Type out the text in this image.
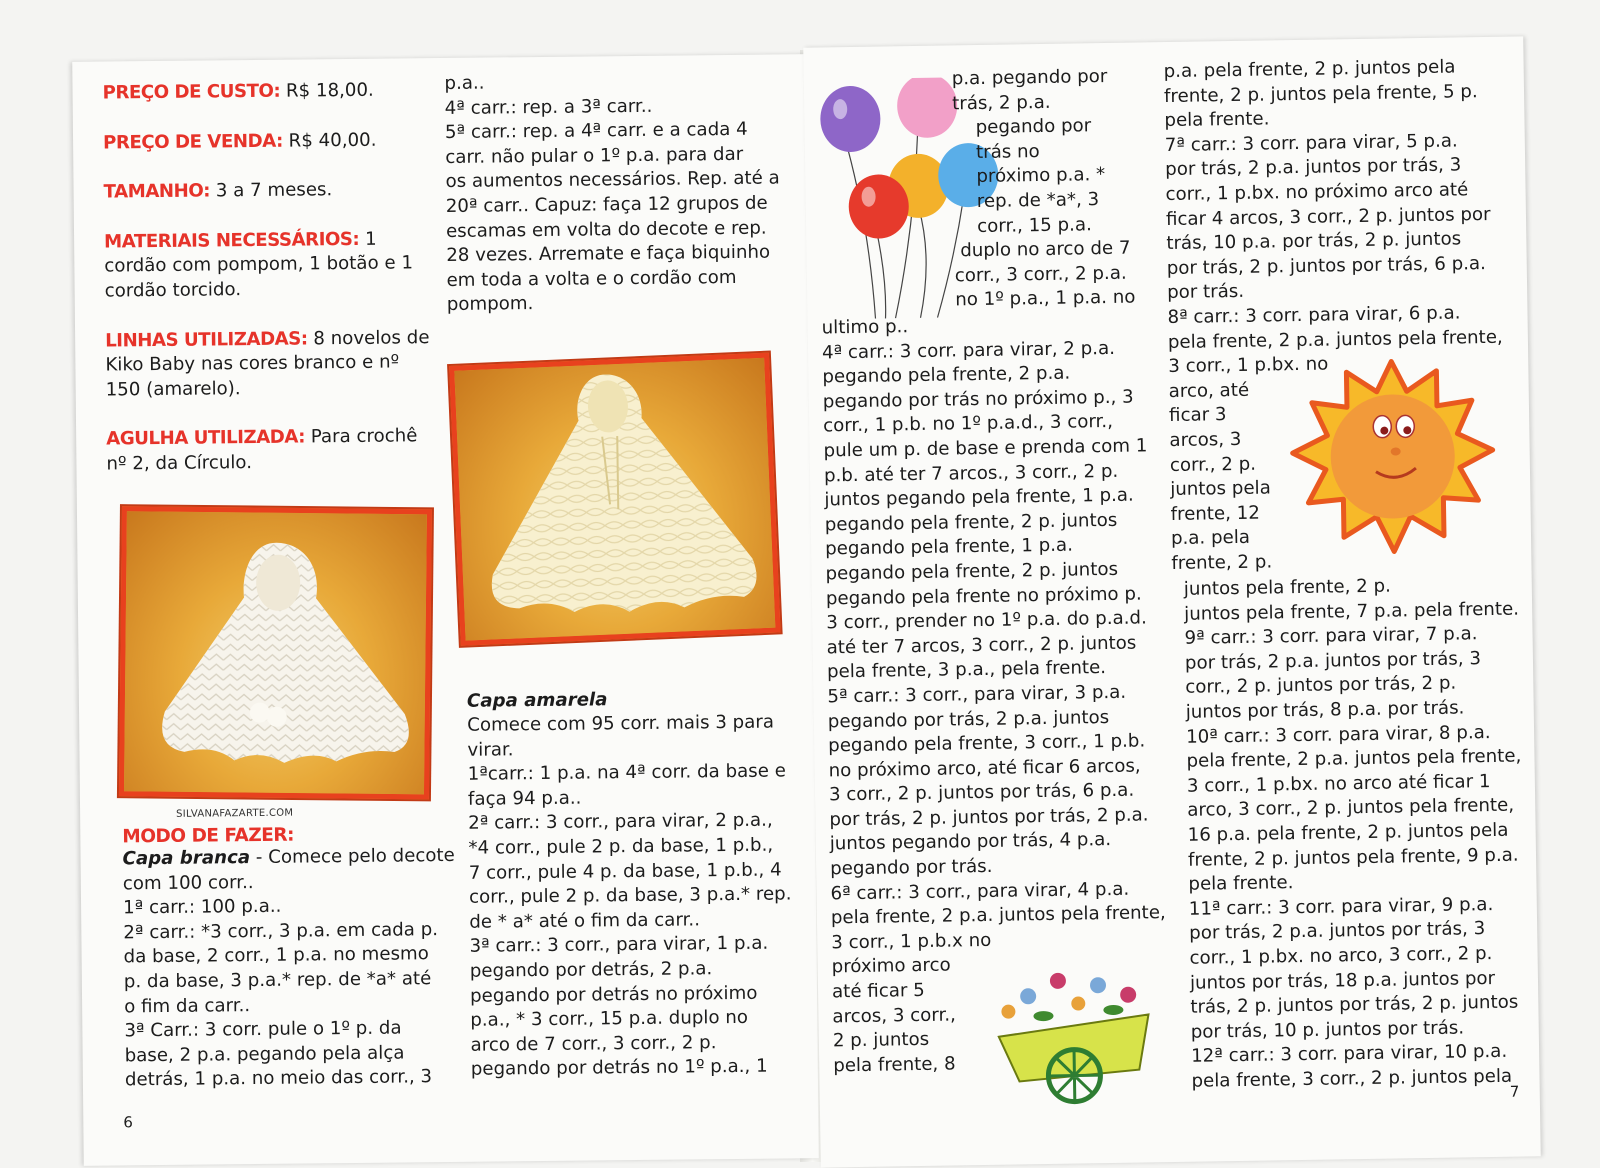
PREÇO DE CUSTO: R$ 18,00.
PREÇO DE VENDA: R$ 40,00.
TAMANHO: 3 a 7 meses.
MATERIAIS NECESSÁRIOS: 1
cordão com pompom, 1 botão e 1
cordão torcido.
LINHAS UTILIZADAS: 8 novelos de
Kiko Baby nas cores branco e nº
150 (amarelo).
AGULHA UTILIZADA: Para crochê
nº 2, da Círculo.
SILVANAFAZARTE.COM
MODO DE FAZER:
Capa branca - Comece pelo decote
com 100 corr..
1ª carr.: 100 p.a..
2ª carr.: *3 corr., 3 p.a. em cada p.
da base, 2 corr., 1 p.a. no mesmo
p. da base, 3 p.a.* rep. de *a* até
o fim da carr..
3ª Carr.: 3 corr. pule o 1º p. da
base, 2 p.a. pegando pela alça
detrás, 1 p.a. no meio das corr., 3
p.a..
4ª carr.: rep. a 3ª carr..
5ª carr.: rep. a 4ª carr. e a cada 4
carr. não pular o 1º p.a. para dar
os aumentos necessários. Rep. até a
20ª carr.. Capuz: faça 12 grupos de
escamas em volta do decote e rep.
28 vezes. Arremate e faça biquinho
em toda a volta e o cordão com
pompom.
Capa amarela
Comece com 95 corr. mais 3 para
virar.
1ªcarr.: 1 p.a. na 4ª corr. da base e
faça 94 p.a..
2ª carr.: 3 corr., para virar, 2 p.a.,
*4 corr., pule 2 p. da base, 1 p.b.,
7 corr., pule 4 p. da base, 1 p.b., 4
corr., pule 2 p. da base, 3 p.a.* rep.
de * a* até o fim da carr..
3ª carr.: 3 corr., para virar, 1 p.a.
pegando por detrás, 2 p.a.
pegando por detrás no próximo
p.a., * 3 corr., 15 p.a. duplo no
arco de 7 corr., 3 corr., 2 p.
pegando por detrás no 1º p.a., 1
6
p.a. pegando por
trás, 2 p.a.
pegando por
trás no
próximo p.a. *
rep. de *a*, 3
corr., 15 p.a.
duplo no arco de 7
corr., 3 corr., 2 p.a.
no 1º p.a., 1 p.a. no
ultimo p..
4ª carr.: 3 corr. para virar, 2 p.a.
pegando pela frente, 2 p.a.
pegando por trás no próximo p., 3
corr., 1 p.b. no 1º p.a.d., 3 corr.,
pule um p. de base e prenda com 1
p.b. até ter 7 arcos., 3 corr., 2 p.
juntos pegando pela frente, 1 p.a.
pegando pela frente, 2 p. juntos
pegando pela frente, 1 p.a.
pegando pela frente, 2 p. juntos
pegando pela frente no próximo p.
3 corr., prender no 1º p.a. do p.a.d.
até ter 7 arcos, 3 corr., 2 p. juntos
pela frente, 3 p.a., pela frente.
5ª carr.: 3 corr., para virar, 3 p.a.
pegando por trás, 2 p.a. juntos
pegando pela frente, 3 corr., 1 p.b.
no próximo arco, até ficar 6 arcos,
3 corr., 2 p. juntos por trás, 6 p.a.
por trás, 2 p. juntos por trás, 2 p.a.
juntos pegando por trás, 4 p.a.
pegando por trás.
6ª carr.: 3 corr., para virar, 4 p.a.
pela frente, 2 p.a. juntos pela frente,
3 corr., 1 p.b.x no
próximo arco
até ficar 5
arcos, 3 corr.,
2 p. juntos
pela frente, 8
p.a. pela frente, 2 p. juntos pela
frente, 2 p. juntos pela frente, 5 p.
pela frente.
7ª carr.: 3 corr. para virar, 5 p.a.
por trás, 2 p.a. juntos por trás, 3
corr., 1 p.bx. no próximo arco até
ficar 4 arcos, 3 corr., 2 p. juntos por
trás, 10 p.a. por trás, 2 p. juntos
por trás, 2 p. juntos por trás, 6 p.a.
por trás.
8ª carr.: 3 corr. para virar, 6 p.a.
pela frente, 2 p.a. juntos pela frente,
3 corr., 1 p.bx. no
arco, até
ficar 3
arcos, 3
corr., 2 p.
juntos pela
frente, 12
p.a. pela
frente, 2 p.
juntos pela frente, 2 p.
juntos pela frente, 7 p.a. pela frente.
9ª carr.: 3 corr. para virar, 7 p.a.
por trás, 2 p.a. juntos por trás, 3
corr., 2 p. juntos por trás, 2 p.
juntos por trás, 8 p.a. por trás.
10ª carr.: 3 corr. para virar, 8 p.a.
pela frente, 2 p.a. juntos pela frente,
3 corr., 1 p.bx. no arco até ficar 1
arco, 3 corr., 2 p. juntos pela frente,
16 p.a. pela frente, 2 p. juntos pela
frente, 2 p. juntos pela frente, 9 p.a.
pela frente.
11ª carr.: 3 corr. para virar, 9 p.a.
por trás, 2 p.a. juntos por trás, 3
corr., 1 p.bx. no arco, 3 corr., 2 p.
juntos por trás, 18 p.a. juntos por
trás, 2 p. juntos por trás, 2 p. juntos
por trás, 10 p. juntos por trás.
12ª carr.: 3 corr. para virar, 10 p.a.
pela frente, 3 corr., 2 p. juntos pela
7
